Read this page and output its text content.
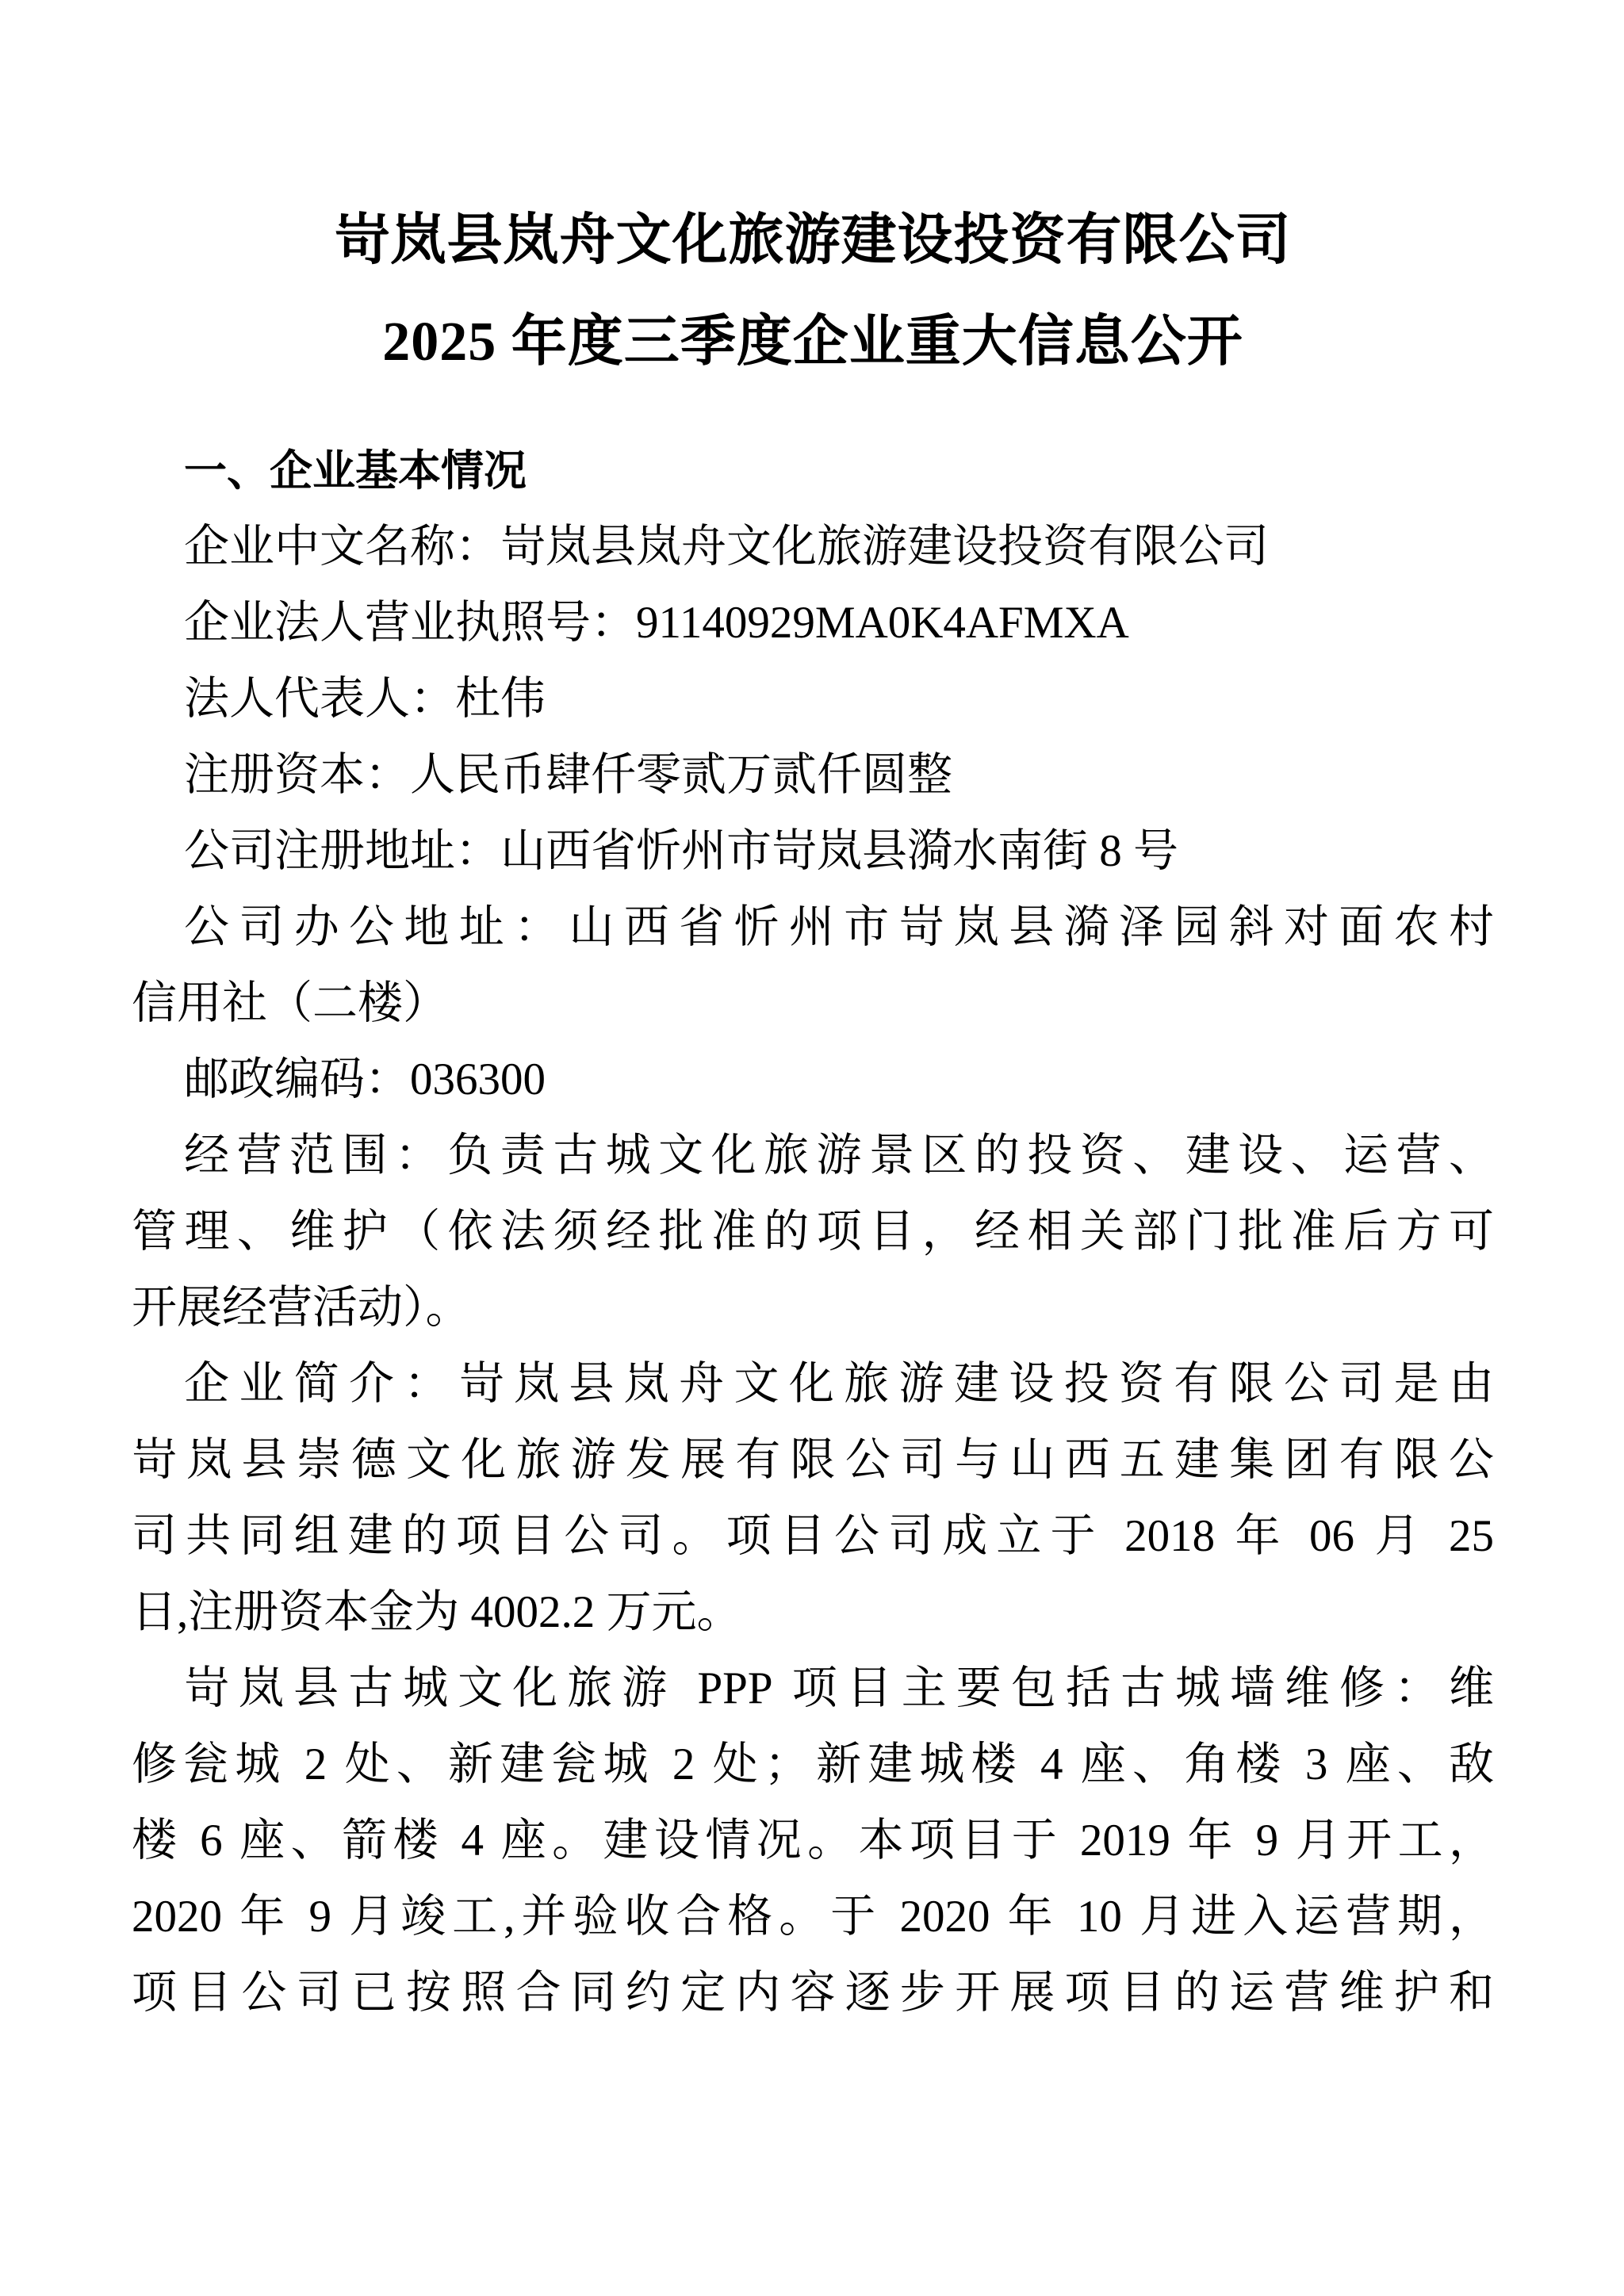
岢岚县岚舟文化旅游建设投资有限公司
2025 年度三季度企业重大信息公开
一、企业基本情况
企业中文名称：岢岚县岚舟文化旅游建设投资有限公司
企业法人营业执照号：91140929MA0K4AFMXA
法人代表人：杜伟
注册资本：人民币肆仟零贰万贰仟圆整
公司注册地址：山西省忻州市岢岚县漪水南街 8 号
公司办公地址：山西省忻州市岢岚县漪泽园斜对面农村
信用社（二楼）
邮政编码：036300
经营范围：负责古城文化旅游景区的投资、建设、运营、
管理、维护（依法须经批准的项目，经相关部门批准后方可
开展经营活动）。
企业简介：岢岚县岚舟文化旅游建设投资有限公司是由
岢岚县崇德文化旅游发展有限公司与山西五建集团有限公
司共同组建的项目公司。项目公司成立于 2018 年 06 月 25
日,注册资本金为 4002.2 万元。
岢岚县古城文化旅游 PPP 项目主要包括古城墙维修：维
修瓮城 2 处、新建瓮城 2 处；新建城楼 4 座、角楼 3 座、敌
楼 6 座、箭楼 4 座。建设情况。本项目于 2019 年 9 月开工，
2020 年 9 月竣工,并验收合格。于 2020 年 10 月进入运营期，
项目公司已按照合同约定内容逐步开展项目的运营维护和
